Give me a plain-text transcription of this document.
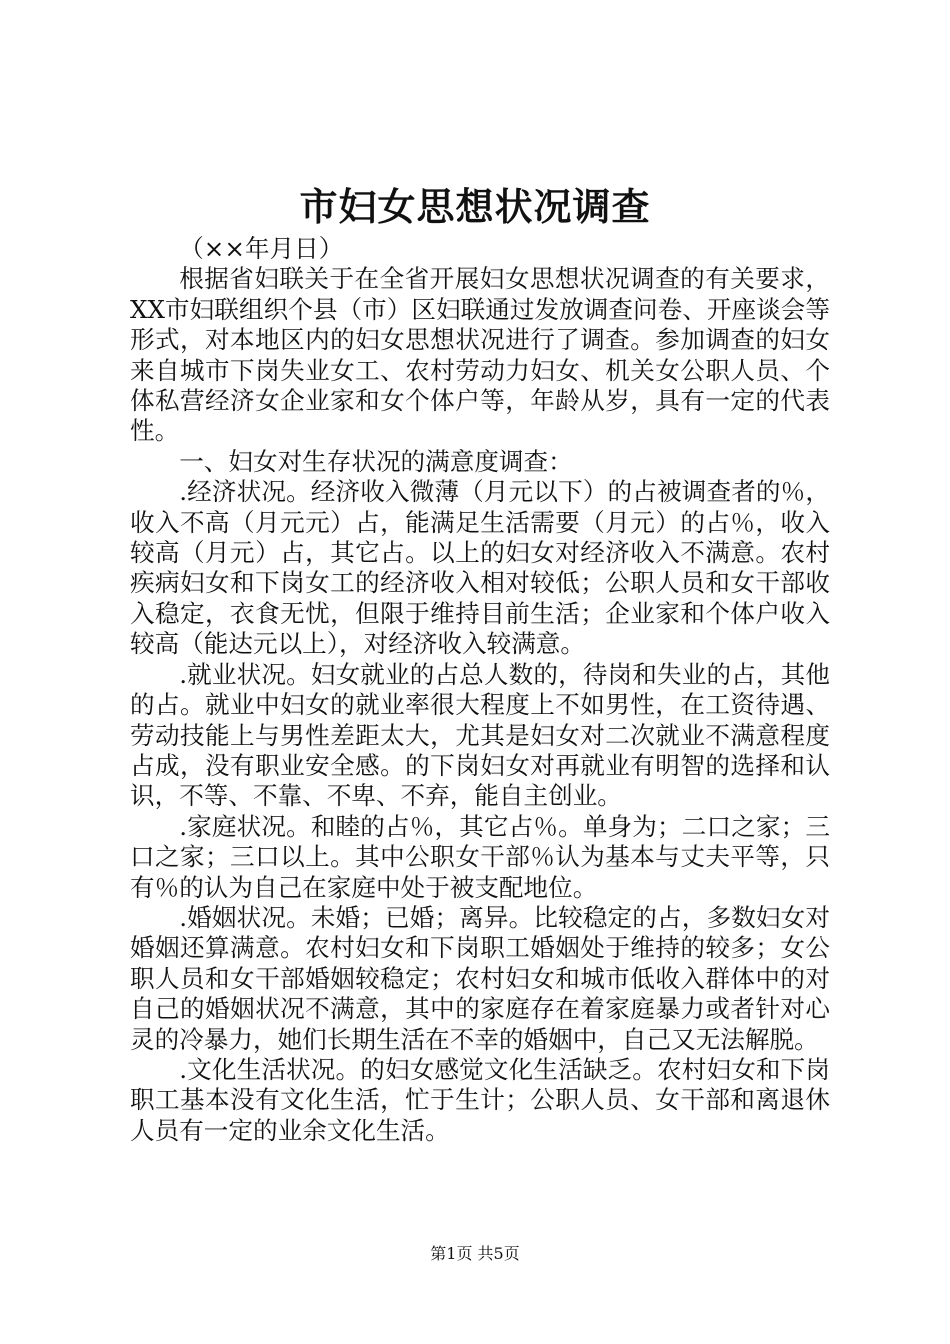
市妇女思想状况调查

（××年月日）

根据省妇联关于在全省开展妇女思想状况调查的有关要求，XX市妇联组织个县（市）区妇联通过发放调查问卷、开座谈会等形式，对本地区内的妇女思想状况进行了调查。参加调查的妇女来自城市下岗失业女工、农村劳动力妇女、机关女公职人员、个体私营经济女企业家和女个体户等，年龄从岁，具有一定的代表性。

一、妇女对生存状况的满意度调查：

.经济状况。经济收入微薄（月元以下）的占被调查者的％，收入不高（月元元）占，能满足生活需要（月元）的占％，收入较高（月元）占，其它占。以上的妇女对经济收入不满意。农村疾病妇女和下岗女工的经济收入相对较低；公职人员和女干部收入稳定，衣食无忧，但限于维持目前生活；企业家和个体户收入较高（能达元以上），对经济收入较满意。

.就业状况。妇女就业的占总人数的，待岗和失业的占，其他的占。就业中妇女的就业率很大程度上不如男性，在工资待遇、劳动技能上与男性差距太大，尤其是妇女对二次就业不满意程度占成，没有职业安全感。的下岗妇女对再就业有明智的选择和认识，不等、不靠、不卑、不弃，能自主创业。

.家庭状况。和睦的占％，其它占％。单身为；二口之家；三口之家；三口以上。其中公职女干部％认为基本与丈夫平等，只有％的认为自己在家庭中处于被支配地位。

.婚姻状况。未婚；已婚；离异。比较稳定的占，多数妇女对婚姻还算满意。农村妇女和下岗职工婚姻处于维持的较多；女公职人员和女干部婚姻较稳定；农村妇女和城市低收入群体中的对自己的婚姻状况不满意，其中的家庭存在着家庭暴力或者针对心灵的冷暴力，她们长期生活在不幸的婚姻中，自己又无法解脱。

.文化生活状况。的妇女感觉文化生活缺乏。农村妇女和下岗职工基本没有文化生活，忙于生计；公职人员、女干部和离退休人员有一定的业余文化生活。

第1页 共5页
